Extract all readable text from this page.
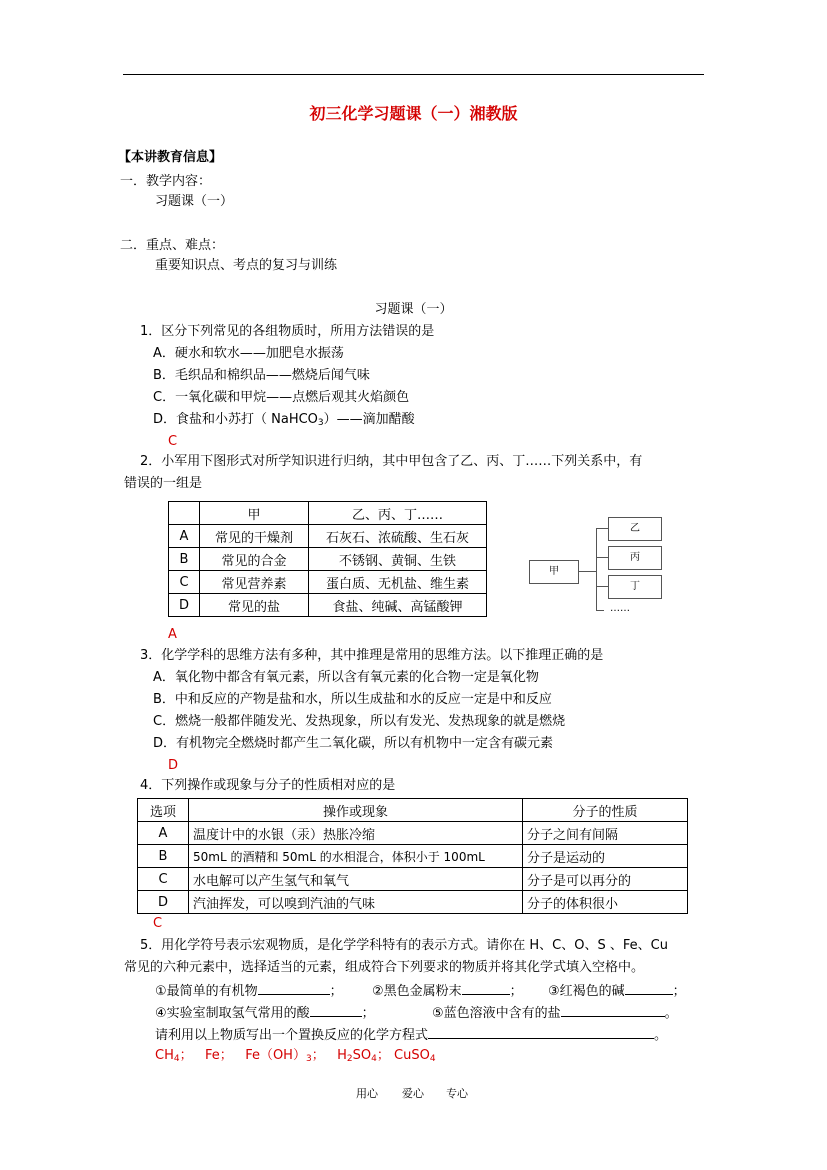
初三化学习题课（一）湘教版
【本讲教育信息】
一．教学内容：
习题课（一）
二．重点、难点：
重要知识点、考点的复习与训练
习题课（一）
1．区分下列常见的各组物质时，所用方法错误的是
A．硬水和软水——加肥皂水振荡
B．毛织品和棉织品——燃烧后闻气味
C．一氧化碳和甲烷——点燃后观其火焰颜色
D．食盐和小苏打（ NaHCO$_3$）——滴加醋酸
C
2．小军用下图形式对所学知识进行归纳，其中甲包含了乙、丙、丁……下列关系中，有
错误的一组是
	甲	乙、丙、丁……
A	常见的干燥剂	石灰石、浓硫酸、生石灰
B	常见的合金	不锈钢、黄铜、生铁
C	常见营养素	蛋白质、无机盐、维生素
D	常见的盐	食盐、纯碱、高锰酸钾
甲
乙
丙
丁
……
A
3．化学学科的思维方法有多种，其中推理是常用的思维方法。以下推理正确的是
A．氧化物中都含有氧元素，所以含有氧元素的化合物一定是氧化物
B．中和反应的产物是盐和水，所以生成盐和水的反应一定是中和反应
C．燃烧一般都伴随发光、发热现象，所以有发光、发热现象的就是燃烧
D．有机物完全燃烧时都产生二氧化碳，所以有机物中一定含有碳元素
D
4．下列操作或现象与分子的性质相对应的是
选项	操作或现象	分子的性质
A	温度计中的水银（汞）热胀冷缩	分子之间有间隔
B	50mL 的酒精和 50mL 的水相混合，体积小于 100mL	分子是运动的
C	水电解可以产生氢气和氧气	分子是可以再分的
D	汽油挥发，可以嗅到汽油的气味	分子的体积很小
C
5．用化学符号表示宏观物质，是化学学科特有的表示方式。请你在 H、C、O、S 、Fe、Cu
常见的六种元素中，选择适当的元素，组成符合下列要求的物质并将其化学式填入空格中。
①最简单的有机物	； ②黑色金属粉末	； ③红褐色的碱	；
④实验室制取氢气常用的酸	；	⑤蓝色溶液中含有的盐	。
请利用以上物质写出一个置换反应的化学方程式	。
$CH_4$； Fe； $Fe(OH)_3$； $H_2SO_4$； CuSO$_4$
用心 爱心 专心
